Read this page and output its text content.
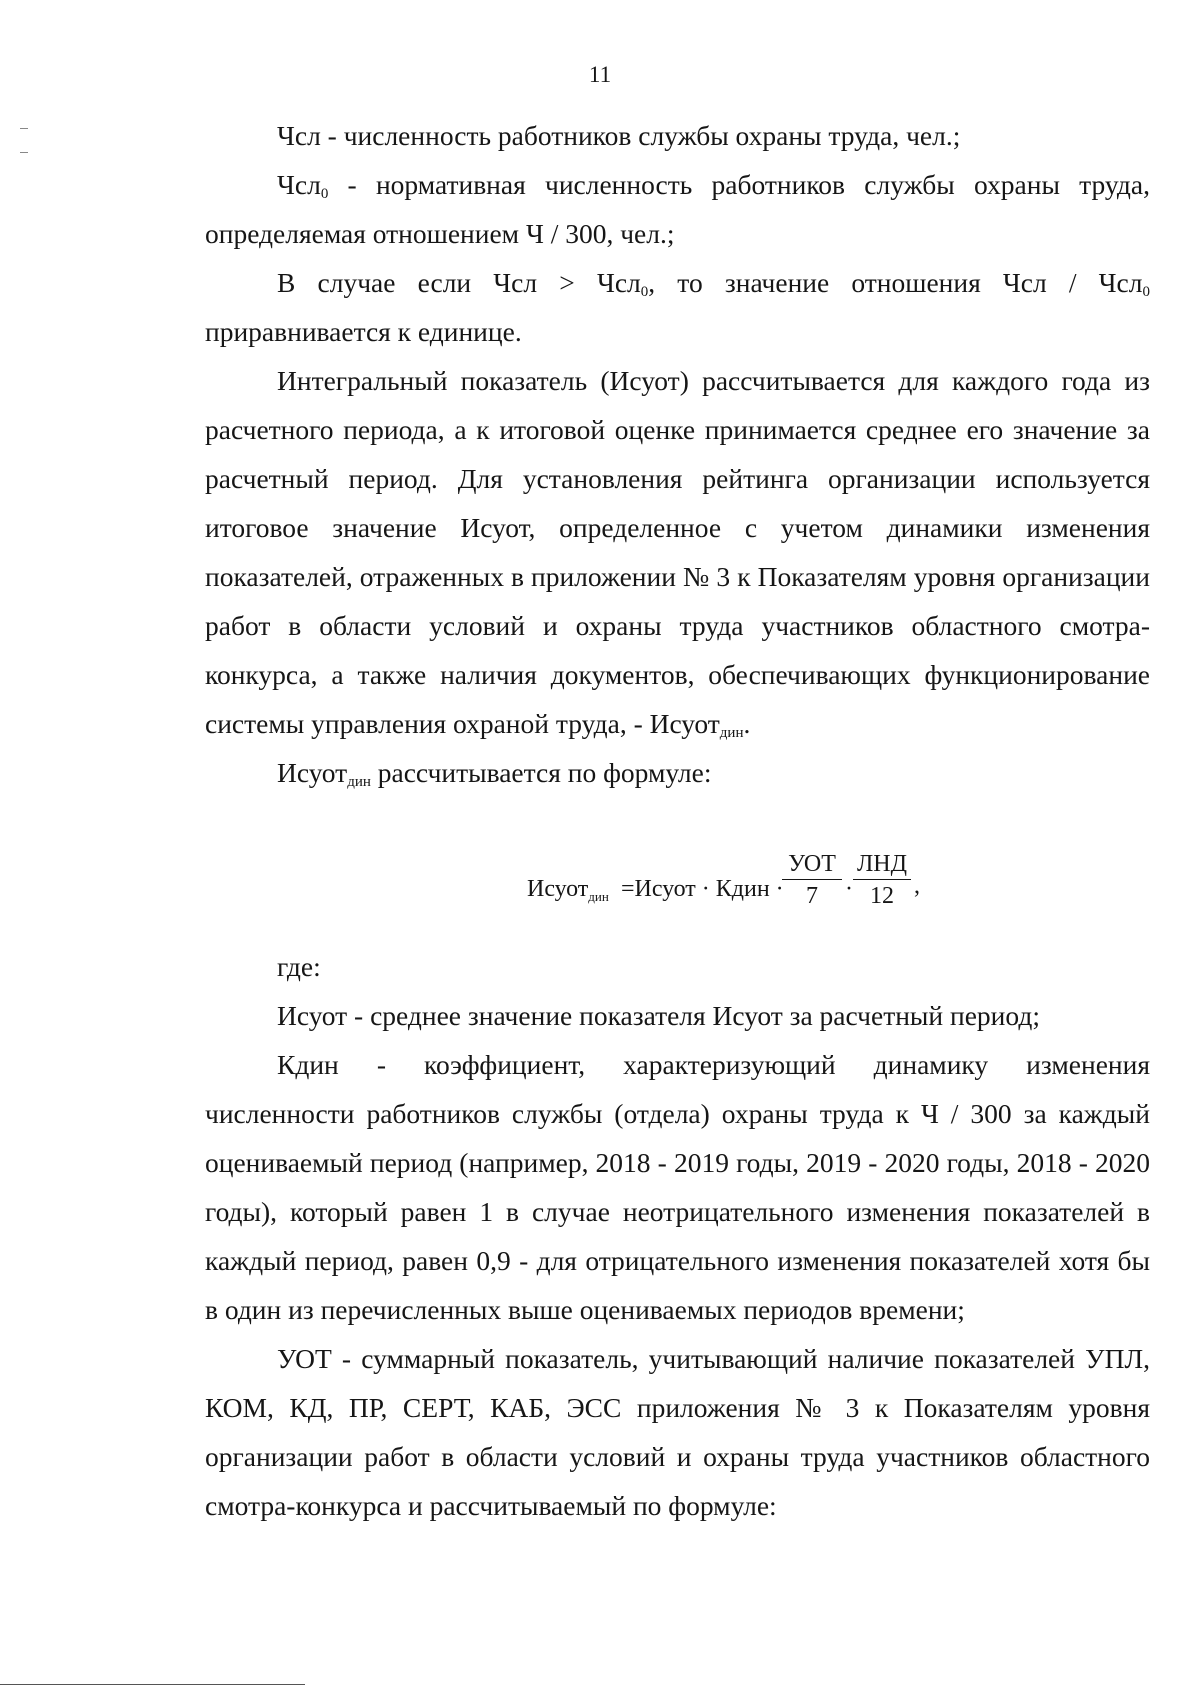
11

Чсл - численность работников службы охраны труда, чел.;

Чсл$_0$ - нормативная численность работников службы охраны труда, определяемая отношением Ч / 300, чел.;

В случае если Чсл > Чсл$_0$, то значение отношения Чсл / Чсл$_0$ приравнивается к единице.

Интегральный показатель (Исуот) рассчитывается для каждого года из расчетного периода, а к итоговой оценке принимается среднее его значение за расчетный период. Для установления рейтинга организации используется итоговое значение Исуот, определенное с учетом динамики изменения показателей, отраженных в приложении № 3 к Показателям уровня организации работ в области условий и охраны труда участников областного смотра-конкурса, а также наличия документов, обеспечивающих функционирование системы управления охраной труда, - Исуот$_{дин}$.

Исуот$_{дин}$ рассчитывается по формуле:

Исуот$_{дин}$ =Исуот · Кдин ·
УОТ
7	·
ЛНД
12 ,

где:

Исуот - среднее значение показателя Исуот за расчетный период;

Кдин - коэффициент, характеризующий динамику изменения численности работников службы (отдела) охраны труда к Ч / 300 за каждый оцениваемый период (например, 2018 - 2019 годы, 2019 - 2020 годы, 2018 - 2020 годы), который равен 1 в случае неотрицательного изменения показателей в каждый период, равен 0,9 - для отрицательного изменения показателей хотя бы в один из перечисленных выше оцениваемых периодов времени;

УОТ - суммарный показатель, учитывающий наличие показателей УПЛ, КОМ, КД, ПР, СЕРТ, КАБ, ЭСС приложения № 3 к Показателям уровня организации работ в области условий и охраны труда участников областного смотра-конкурса и рассчитываемый по формуле:
